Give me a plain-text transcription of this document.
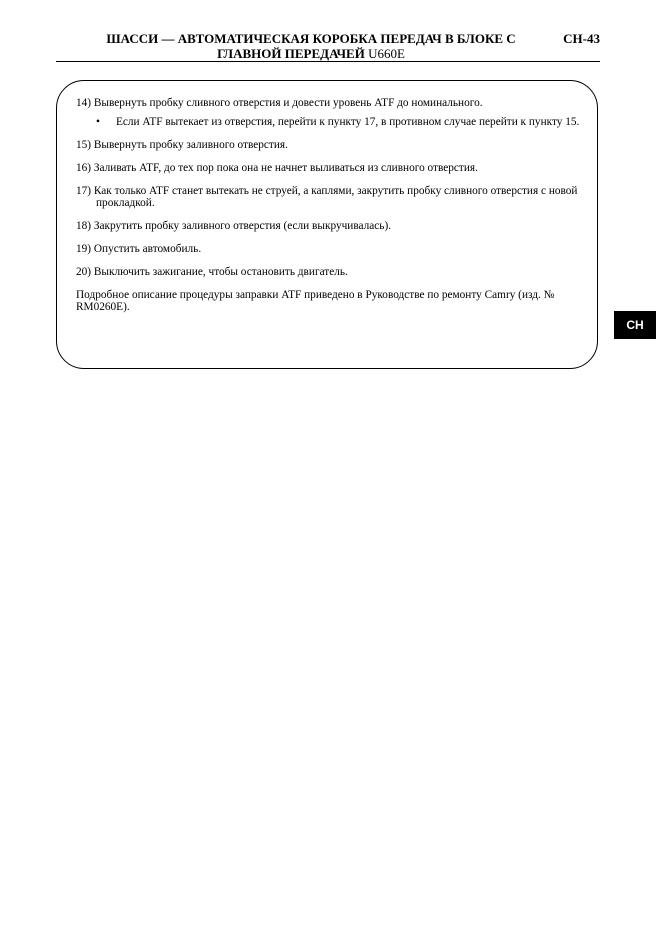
ШАССИ — АВТОМАТИЧЕСКАЯ КОРОБКА ПЕРЕДАЧ В БЛОКЕ С ГЛАВНОЙ ПЕРЕДАЧЕЙ U660E
CH-43

14) Вывернуть пробку сливного отверстия и довести уровень ATF до номинального.

• Если ATF вытекает из отверстия, перейти к пункту 17, в противном случае перейти к пункту 15.

15) Вывернуть пробку заливного отверстия.

16) Заливать ATF, до тех пор пока она не начнет выливаться из сливного отверстия.

17) Как только ATF станет вытекать не струей, а каплями, закрутить пробку сливного отверстия с новой прокладкой.

18) Закрутить пробку заливного отверстия (если выкручивалась).

19) Опустить автомобиль.

20) Выключить зажигание, чтобы остановить двигатель.

Подробное описание процедуры заправки ATF приведено в Руководстве по ремонту Camry (изд. № RM0260E).

CH
